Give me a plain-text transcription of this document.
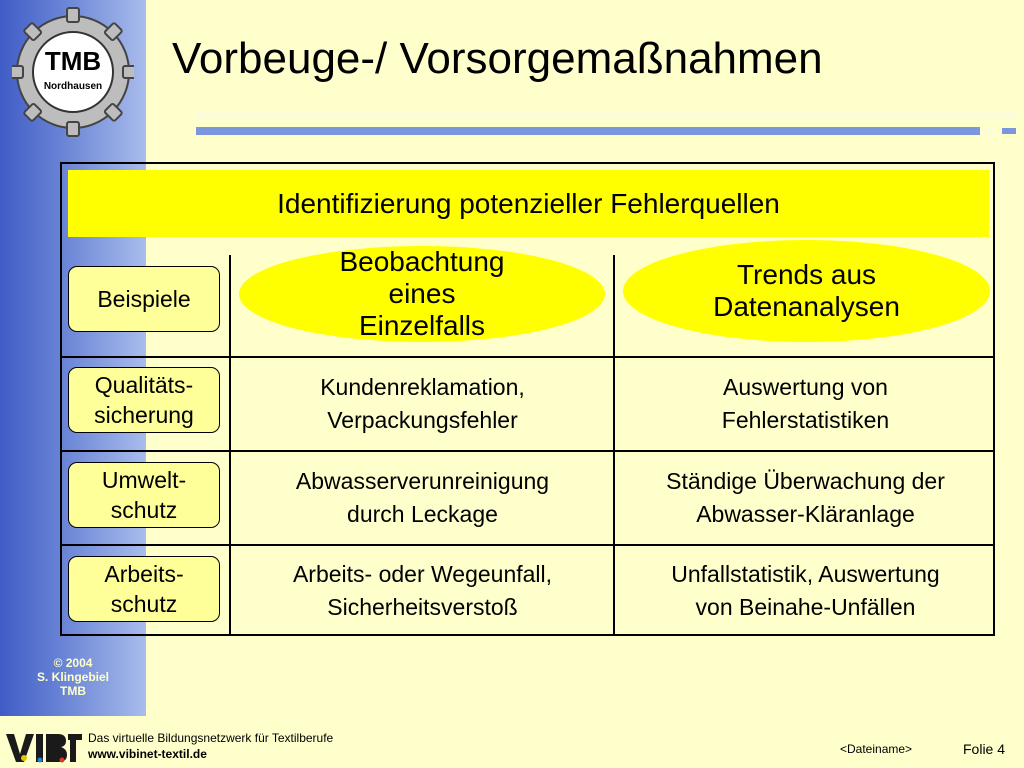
TMB
Nordhausen
© 2004
S. Klingebiel
TMB
Vorbeuge-/ Vorsorgemaßnahmen
Identifizierung potenzieller Fehlerquellen
Beobachtung
eines
Einzelfalls
Trends aus
Datenanalysen
Beispiele
Qualitäts-
sicherung
Umwelt-
schutz
Arbeits-
schutz
Kundenreklamation,
Verpackungsfehler
Auswertung von
Fehlerstatistiken
Abwasserverunreinigung
durch Leckage
Ständige Überwachung der
Abwasser-Kläranlage
Arbeits- oder Wegeunfall,
Sicherheitsverstoß
Unfallstatistik, Auswertung
von Beinahe-Unfällen
Das virtuelle Bildungsnetzwerk für Textilberufe
www.vibinet-textil.de	<Dateiname>	Folie 4
